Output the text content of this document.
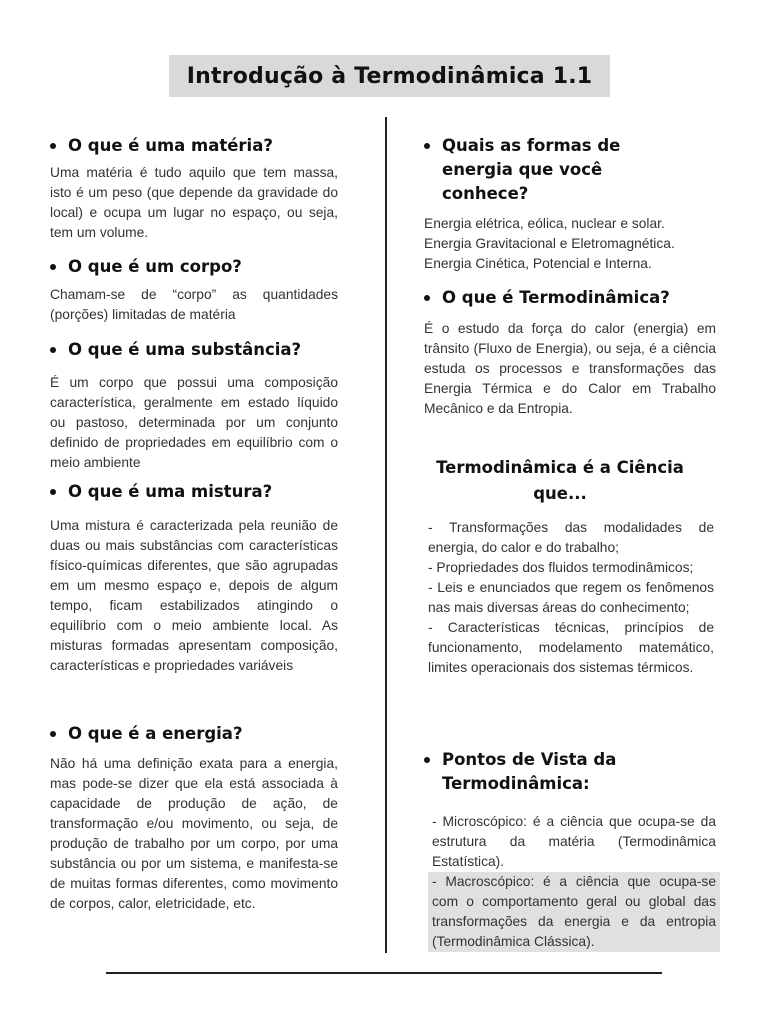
Introdução à Termodinâmica 1.1
O que é uma matéria?

Uma matéria é tudo aquilo que tem massa, isto é um peso (que depende da gravidade do local) e ocupa um lugar no espaço, ou seja, tem um volume.

O que é um corpo?

Chamam-se de “corpo” as quantidades (porções) limitadas de matéria

O que é uma substância?

É um corpo que possui uma composição característica, geralmente em estado líquido ou pastoso, determinada por um conjunto definido de propriedades em equilíbrio com o meio ambiente

O que é uma mistura?

Uma mistura é caracterizada pela reunião de duas ou mais substâncias com características físico-químicas diferentes, que são agrupadas em um mesmo espaço e, depois de algum tempo, ficam estabilizados atingindo o equilíbrio com o meio ambiente local. As misturas formadas apresentam composição, características e propriedades variáveis

O que é a energia?

Não há uma definição exata para a energia, mas pode-se dizer que ela está associada à capacidade de produção de ação, de transformação e/ou movimento, ou seja, de produção de trabalho por um corpo, por uma substância ou por um sistema, e manifesta-se de muitas formas diferentes, como movimento de corpos, calor, eletricidade, etc.

Quais as formas de energia que você conhece?

Energia elétrica, eólica, nuclear e solar.

Energia Gravitacional e Eletromagnética.

Energia Cinética, Potencial e Interna.

O que é Termodinâmica?

É o estudo da força do calor (energia) em trânsito (Fluxo de Energia), ou seja, é a ciência estuda os processos e transformações das Energia Térmica e do Calor em Trabalho Mecânico e da Entropia.

Termodinâmica é a Ciência que...

- Transformações das modalidades de energia, do calor e do trabalho;

- Propriedades dos fluidos termodinâmicos;

- Leis e enunciados que regem os fenômenos nas mais diversas áreas do conhecimento;

- Características técnicas, princípios de funcionamento, modelamento matemático, limites operacionais dos sistemas térmicos.

Pontos de Vista da Termodinâmica:

- Microscópico: é a ciência que ocupa-se da estrutura da matéria (Termodinâmica Estatística).

- Macroscópico: é a ciência que ocupa-se com o comportamento geral ou global das transformações da energia e da entropia (Termodinâmica Clássica).
